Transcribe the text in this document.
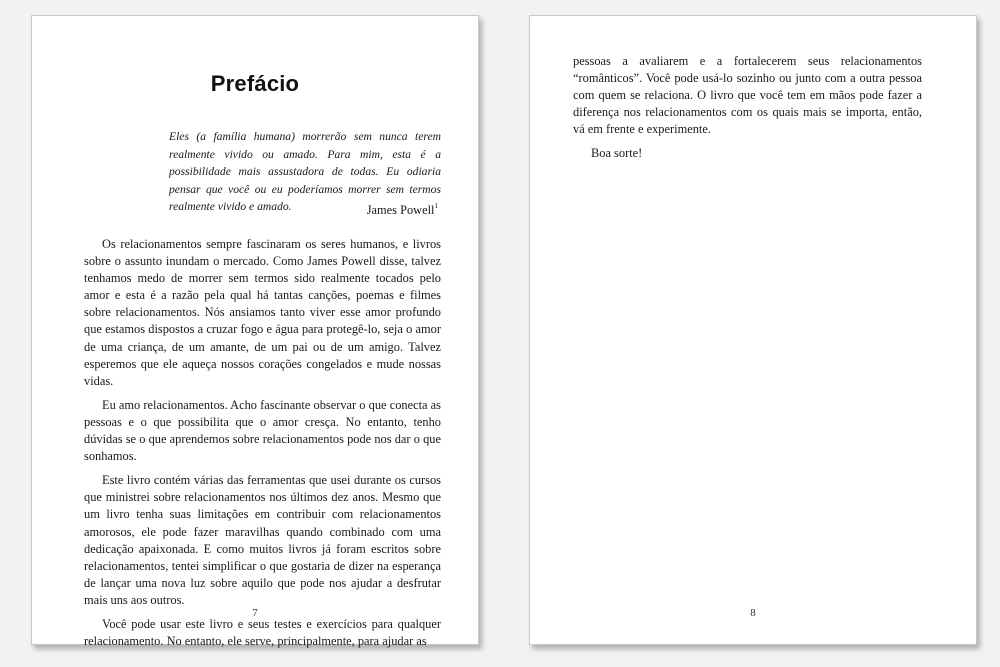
Prefácio
Eles (a família humana) morrerão sem nunca terem realmente vivido ou amado. Para mim, esta é a possibilidade mais assustadora de todas. Eu odiaria pensar que você ou eu poderíamos morrer sem termos realmente vivido e amado.	James Powell$^1$

Os relacionamentos sempre fascinaram os seres humanos, e livros sobre o assunto inundam o mercado. Como James Powell disse, talvez tenhamos medo de morrer sem termos sido realmente tocados pelo amor e esta é a razão pela qual há tantas canções, poemas e filmes sobre relacionamentos. Nós ansiamos tanto viver esse amor profundo que estamos dispostos a cruzar fogo e água para protegê-lo, seja o amor de uma criança, de um amante, de um pai ou de um amigo. Talvez esperemos que ele aqueça nossos corações congelados e mude nossas vidas.

Eu amo relacionamentos. Acho fascinante observar o que conecta as pessoas e o que possibilita que o amor cresça. No entanto, tenho dúvidas se o que aprendemos sobre relacionamentos pode nos dar o que sonhamos.

Este livro contém várias das ferramentas que usei durante os cursos que ministrei sobre relacionamentos nos últimos dez anos. Mesmo que um livro tenha suas limitações em contribuir com relacionamentos amorosos, ele pode fazer maravilhas quando combinado com uma dedicação apaixonada. E como muitos livros já foram escritos sobre relacionamentos, tentei simplificar o que gostaria de dizer na esperança de lançar uma nova luz sobre aquilo que pode nos ajudar a desfrutar mais uns aos outros.

Você pode usar este livro e seus testes e exercícios para qualquer relacionamento. No entanto, ele serve, principalmente, para ajudar as

7

pessoas a avaliarem e a fortalecerem seus relacionamentos “românticos”. Você pode usá-lo sozinho ou junto com a outra pessoa com quem se relaciona. O livro que você tem em mãos pode fazer a diferença nos relacionamentos com os quais mais se importa, então, vá em frente e experimente.

Boa sorte!

8
